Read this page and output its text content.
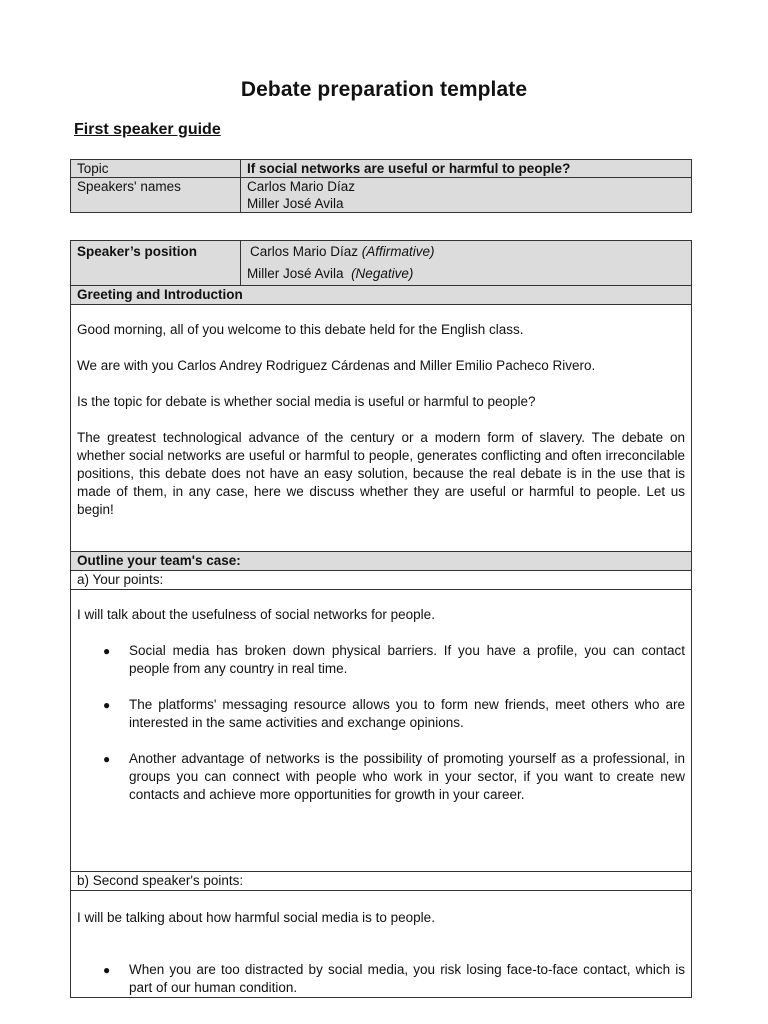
Debate preparation template
First speaker guide
Topic	If social networks are useful or harmful to people?
Speakers' names	Carlos Mario Díaz
Miller José Avila
Speaker’s position	Carlos Mario Díaz (Affirmative)
Miller José Avila (Negative)

Greeting and Introduction

Good morning, all of you welcome to this debate held for the English class.

We are with you Carlos Andrey Rodriguez Cárdenas and Miller Emilio Pacheco Rivero.

Is the topic for debate is whether social media is useful or harmful to people?

The greatest technological advance of the century or a modern form of slavery. The debate on whether social networks are useful or harmful to people, generates conflicting and often irreconcilable positions, this debate does not have an easy solution, because the real debate is in the use that is made of them, in any case, here we discuss whether they are useful or harmful to people. Let us begin!

Outline your team's case:
a) Your points:

I will talk about the usefulness of social networks for people.

● Social media has broken down physical barriers. If you have a profile, you can contact people from any country in real time.
● The platforms' messaging resource allows you to form new friends, meet others who are interested in the same activities and exchange opinions.
● Another advantage of networks is the possibility of promoting yourself as a professional, in groups you can connect with people who work in your sector, if you want to create new contacts and achieve more opportunities for growth in your career.

b) Second speaker's points:

I will be talking about how harmful social media is to people.

● When you are too distracted by social media, you risk losing face-to-face contact, which is part of our human condition.
